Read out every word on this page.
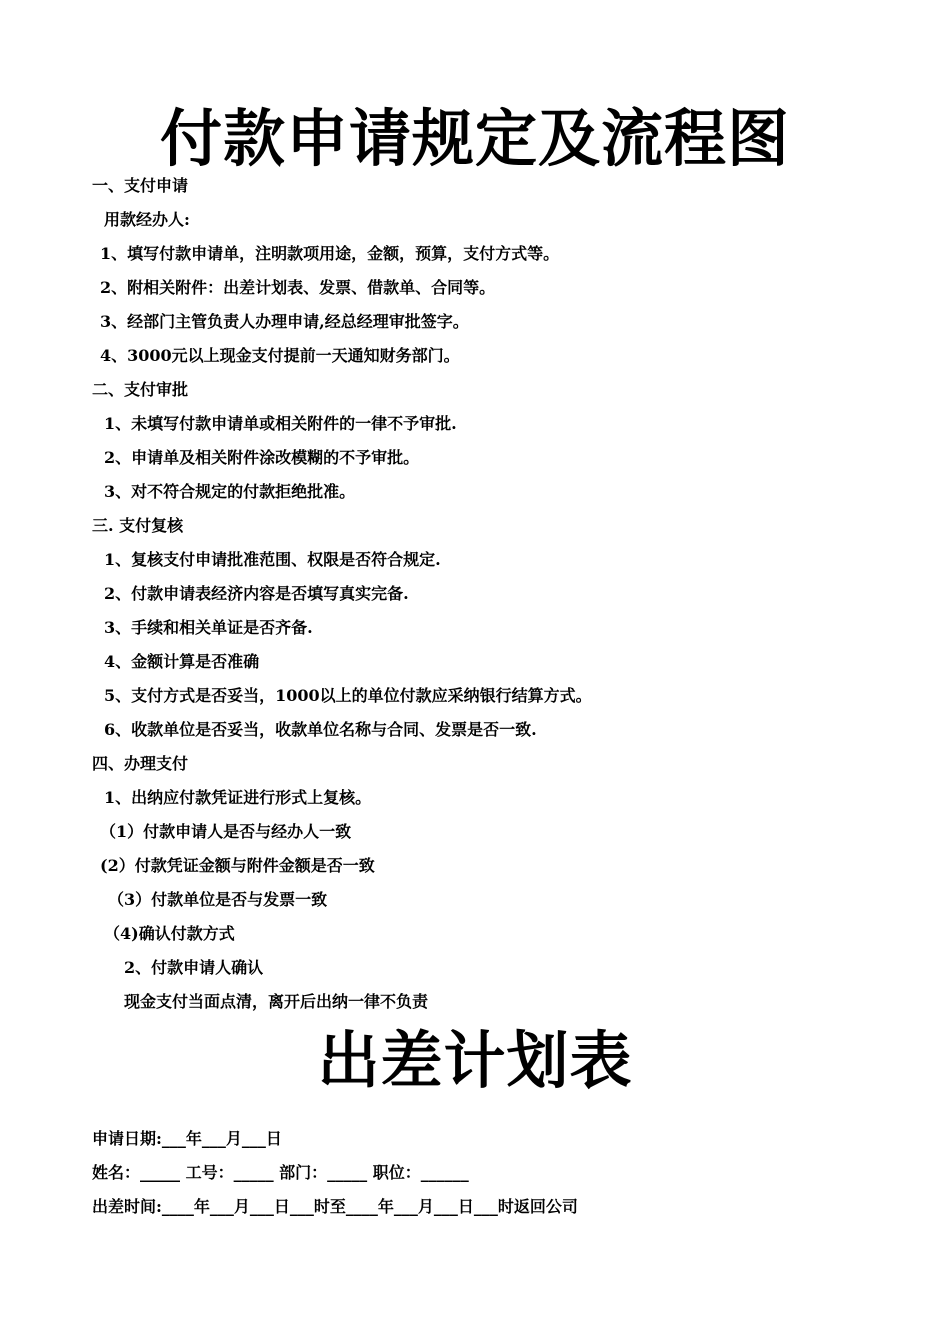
付款申请规定及流程图
一、支付申请
用款经办人:
1、填写付款申请单，注明款项用途，金额，预算，支付方式等。
2、附相关附件：出差计划表、发票、借款单、合同等。
3、经部门主管负责人办理申请,经总经理审批签字。
4、3000元以上现金支付提前一天通知财务部门。
二、支付审批
1、未填写付款申请单或相关附件的一律不予审批.
2、申请单及相关附件涂改模糊的不予审批。
3、对不符合规定的付款拒绝批准。
三. 支付复核
1、复核支付申请批准范围、权限是否符合规定.
2、付款申请表经济内容是否填写真实完备.
3、手续和相关单证是否齐备.
4、金额计算是否准确
5、支付方式是否妥当，1000以上的单位付款应采纳银行结算方式。
6、收款单位是否妥当，收款单位名称与合同、发票是否一致.
四、办理支付
1、出纳应付款凭证进行形式上复核。
（1）付款申请人是否与经办人一致
(2）付款凭证金额与附件金额是否一致
（3）付款单位是否与发票一致
（4)确认付款方式
2、付款申请人确认
现金支付当面点清，离开后出纳一律不负责
出差计划表
申请日期:___年___月___日
姓名：_____ 工号：_____ 部门：_____ 职位：______
出差时间:____年___月___日___时至____年___月___日___时返回公司
